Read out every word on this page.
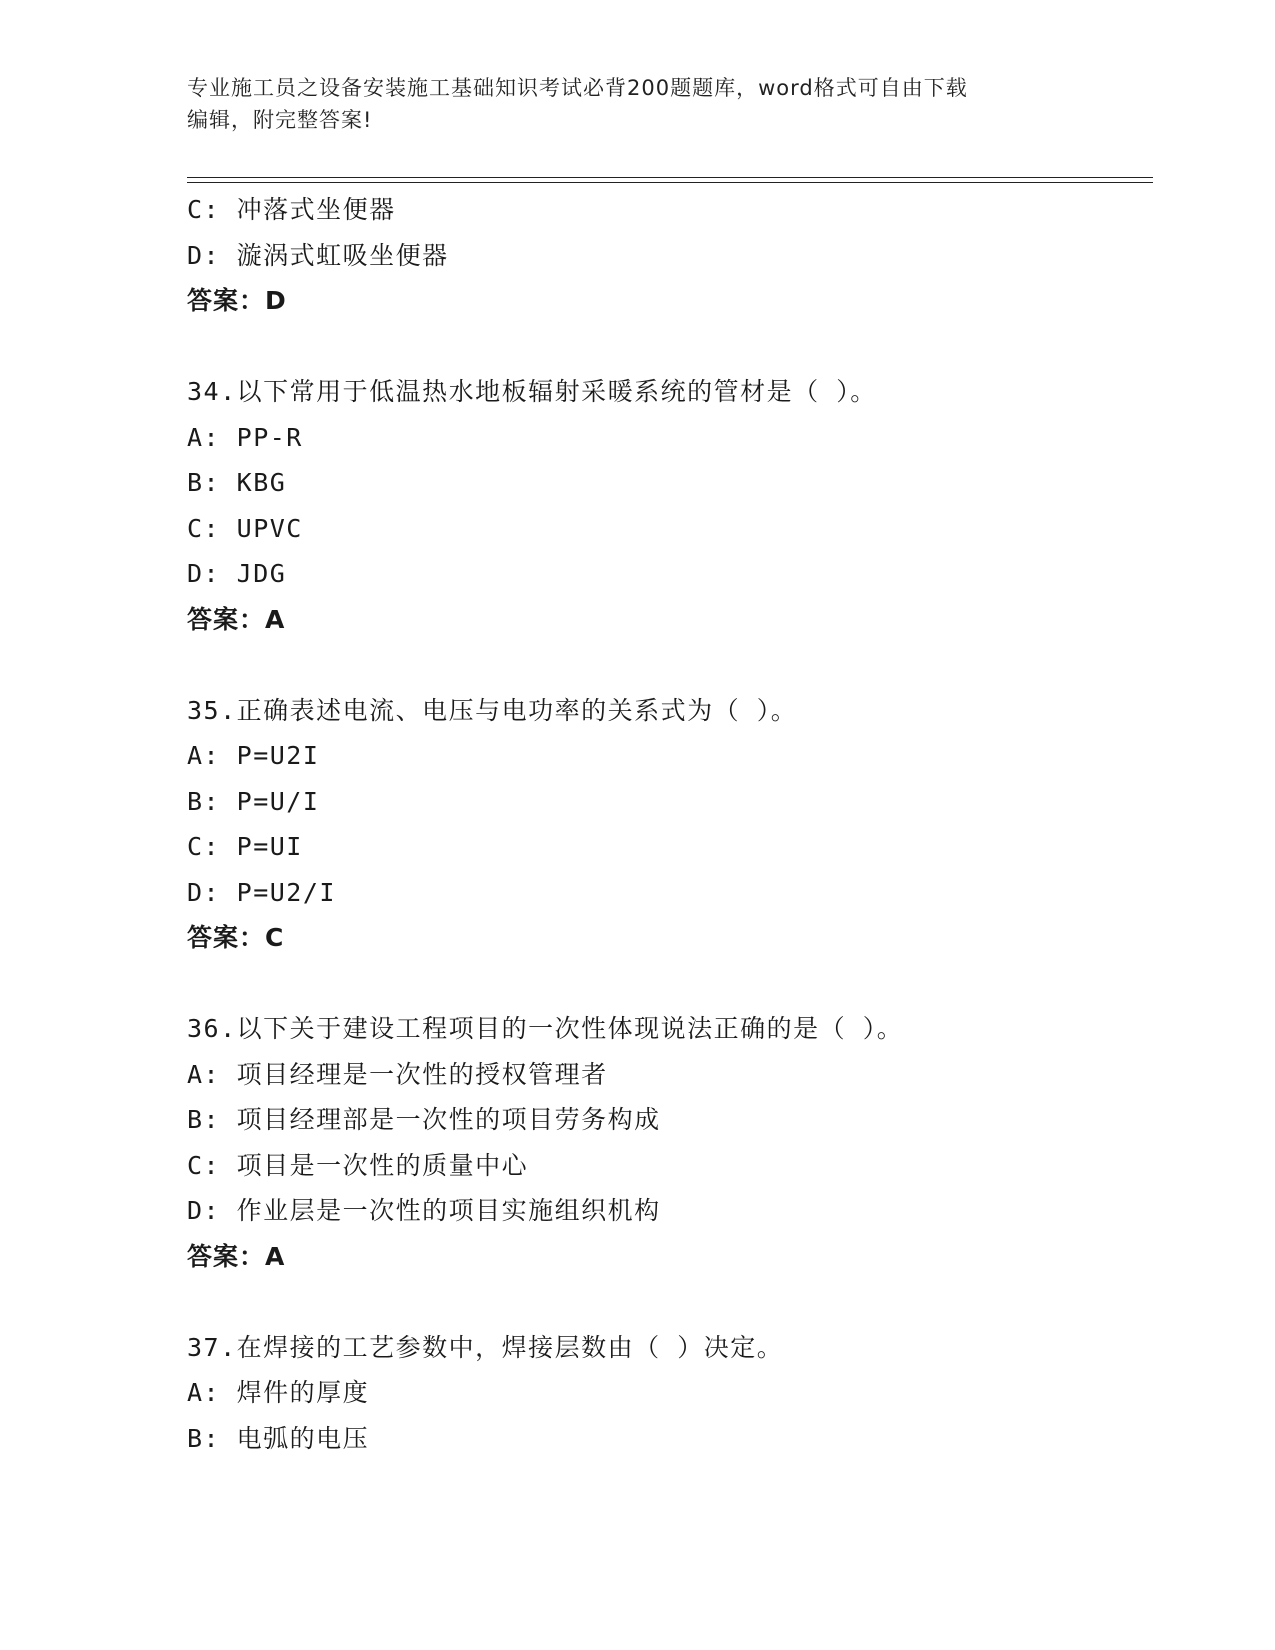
专业施工员之设备安装施工基础知识考试必背200题题库，word格式可自由下载
编辑，附完整答案!
C: 冲落式坐便器
D: 漩涡式虹吸坐便器
答案：D
34.以下常用于低温热水地板辐射采暖系统的管材是（ ）。
A: PP-R
B: KBG
C: UPVC
D: JDG
答案：A
35.正确表述电流、电压与电功率的关系式为（ ）。
A: P=U2I
B: P=U/I
C: P=UI
D: P=U2/I
答案：C
36.以下关于建设工程项目的一次性体现说法正确的是（ ）。
A: 项目经理是一次性的授权管理者
B: 项目经理部是一次性的项目劳务构成
C: 项目是一次性的质量中心
D: 作业层是一次性的项目实施组织机构
答案：A
37.在焊接的工艺参数中，焊接层数由（ ）决定。
A: 焊件的厚度
B: 电弧的电压
